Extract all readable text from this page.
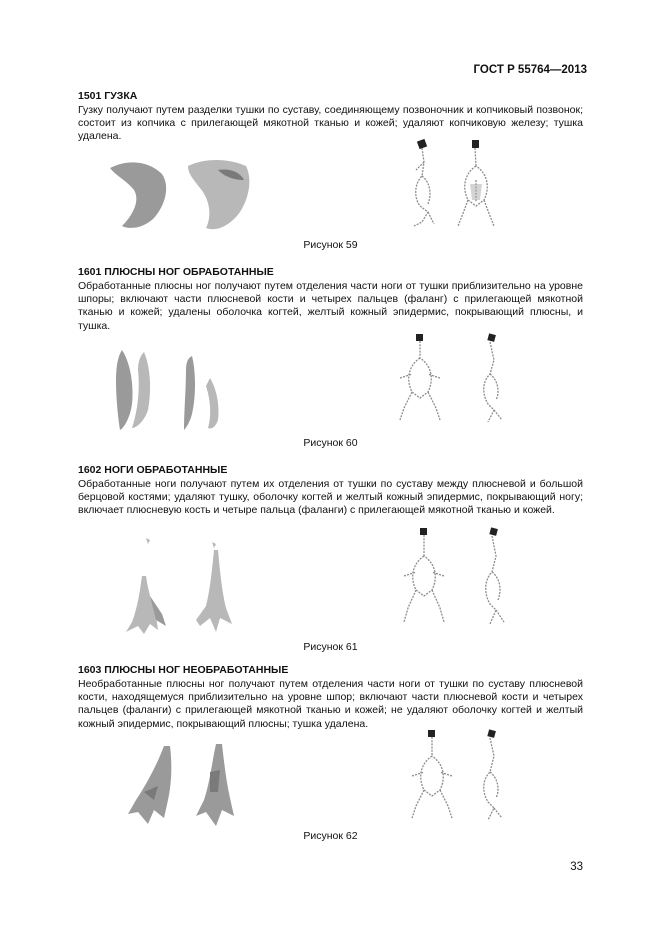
ГОСТ Р 55764—2013
1501 ГУЗКА

Гузку получают путем разделки тушки по суставу, соединяющему позвоночник и копчиковый позвонок; состоит из копчика с прилегающей мякотной тканью и кожей; удаляют копчиковую железу; тушка удалена.

Рисунок 59
1601 ПЛЮСНЫ НОГ ОБРАБОТАННЫЕ

Обработанные плюсны ног получают путем отделения части ноги от тушки приблизительно на уровне шпоры; включают части плюсневой кости и четырех пальцев (фаланг) с прилегающей мякотной тканью и кожей; удалены оболочка когтей, желтый кожный эпидермис, покрывающий плюсны, и тушка.

Рисунок 60
1602 НОГИ ОБРАБОТАННЫЕ

Обработанные ноги получают путем их отделения от тушки по суставу между плюсневой и большой берцовой костями; удаляют тушку, оболочку когтей и желтый кожный эпидермис, покрывающий ногу; включает плюсневую кость и четыре пальца (фаланги) с прилегающей мякотной тканью и кожей.

Рисунок 61
1603 ПЛЮСНЫ НОГ НЕОБРАБОТАННЫЕ

Необработанные плюсны ног получают путем отделения части ноги от тушки по суставу плюсневой кости, находящемуся приблизительно на уровне шпор; включают части плюсневой кости и четырех пальцев (фаланги) с прилегающей мякотной тканью и кожей; не удаляют оболочку когтей и желтый кожный эпидермис, покрывающий плюсны; тушка удалена.

Рисунок 62
33
